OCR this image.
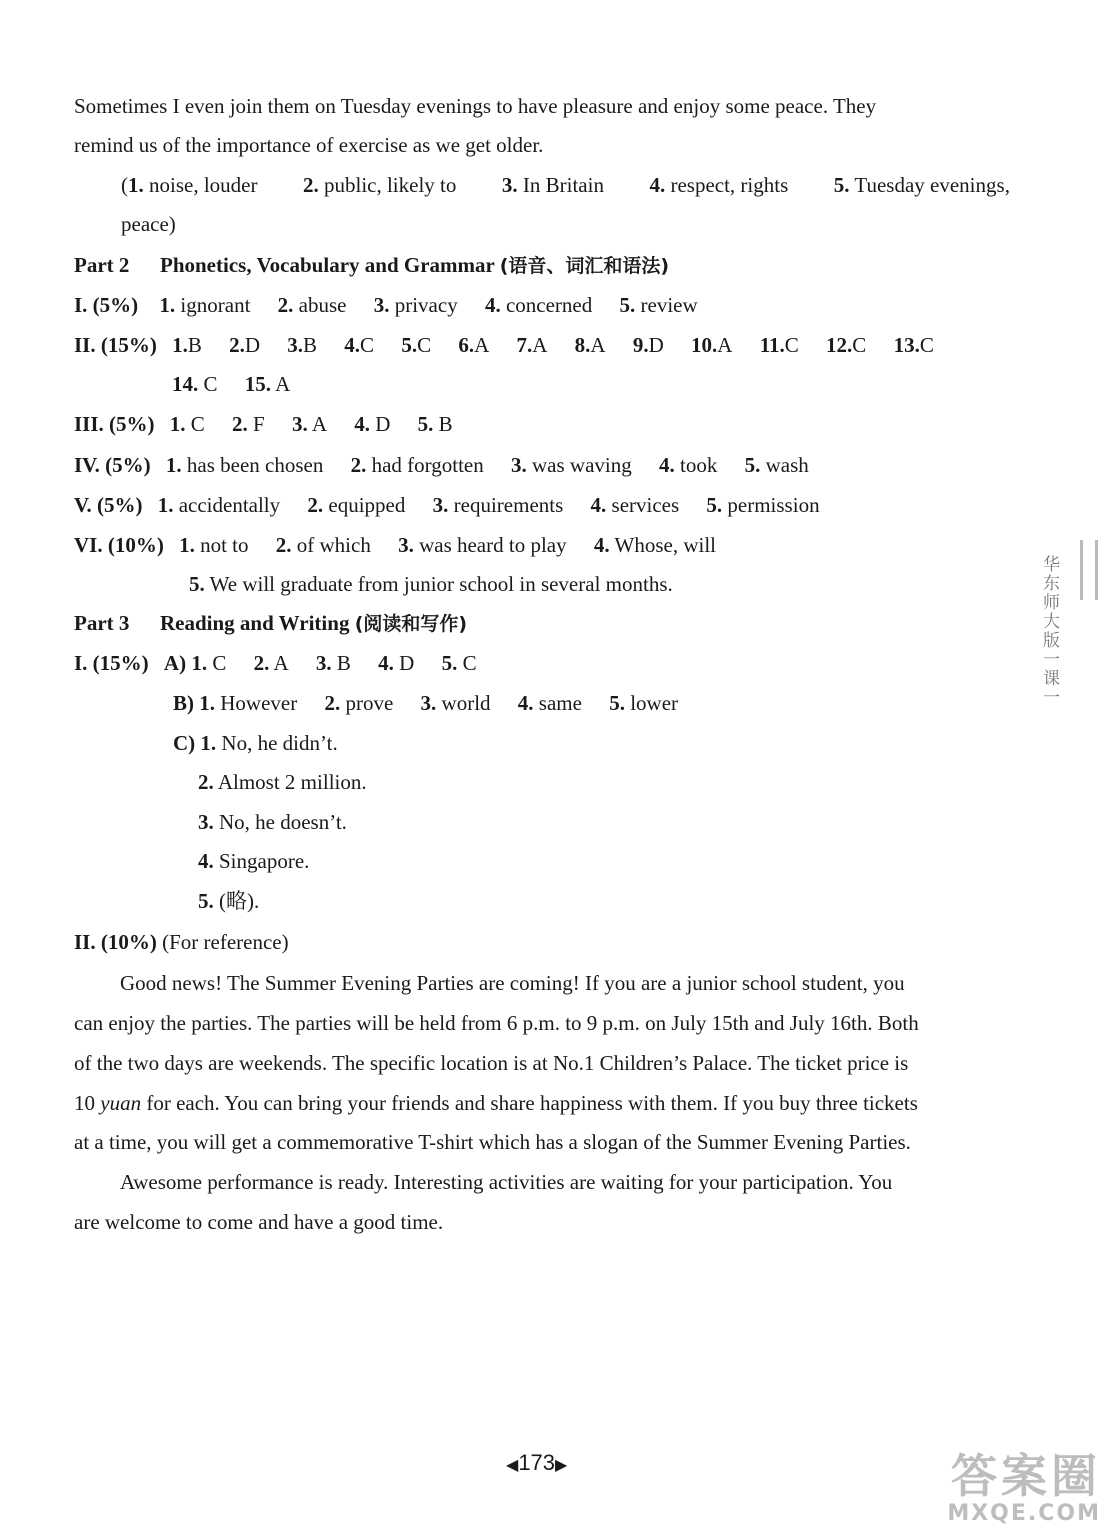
Sometimes I even join them on Tuesday evenings to have pleasure and enjoy some peace. They
remind us of the importance of exercise as we get older.
(1. noise, louder 2. public, likely to 3. In Britain 4. respect, rights 5. Tuesday evenings,
peace)
Part 2 Phonetics, Vocabulary and Grammar (语音、词汇和语法)
I. (5%) 1. ignorant 2. abuse 3. privacy 4. concerned 5. review
II. (15%) 1.B 2.D 3.B 4.C 5.C 6.A 7.A 8.A 9.D 10.A 11.C 12.C 13.C
14. C 15. A
III. (5%) 1. C 2. F 3. A 4. D 5. B
IV. (5%) 1. has been chosen 2. had forgotten 3. was waving 4. took 5. wash
V. (5%) 1. accidentally 2. equipped 3. requirements 4. services 5. permission
VI. (10%) 1. not to 2. of which 3. was heard to play 4. Whose, will
5. We will graduate from junior school in several months.
Part 3 Reading and Writing (阅读和写作)
I. (15%) A) 1. C 2. A 3. B 4. D 5. C
B) 1. However 2. prove 3. world 4. same 5. lower
C) 1. No, he didn’t.
2. Almost 2 million.
3. No, he doesn’t.
4. Singapore.
5. (略).
II. (10%) (For reference)
Good news! The Summer Evening Parties are coming! If you are a junior school student, you
can enjoy the parties. The parties will be held from 6 p.m. to 9 p.m. on July 15th and July 16th. Both
of the two days are weekends. The specific location is at No.1 Children’s Palace. The ticket price is
10 yuan for each. You can bring your friends and share happiness with them. If you buy three tickets
at a time, you will get a commemorative T-shirt which has a slogan of the Summer Evening Parties.
Awesome performance is ready. Interesting activities are waiting for your participation. You
are welcome to come and have a good time.
华东师大版一课一
◀173▶	答案圈
MXQE.COM
